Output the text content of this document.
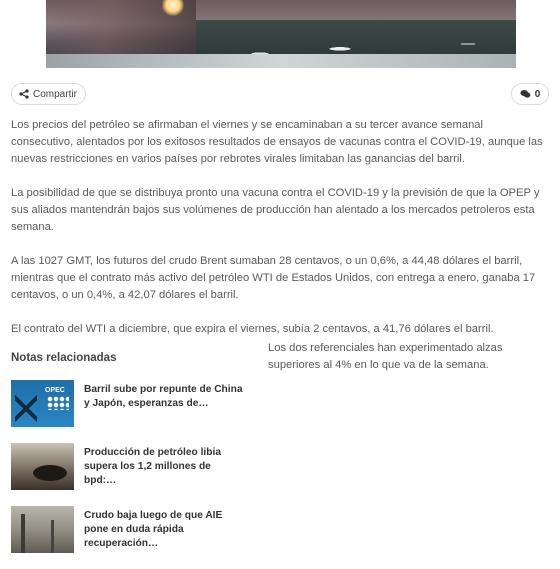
Compartir	0

Los precios del petróleo se afirmaban el viernes y se encaminaban a su tercer avance semanal consecutivo, alentados por los exitosos resultados de ensayos de vacunas contra el COVID-19, aunque las nuevas restricciones en varios países por rebrotes virales limitaban las ganancias del barril.

La posibilidad de que se distribuya pronto una vacuna contra el COVID-19 y la previsión de que la OPEP y sus aliados mantendrán bajos sus volúmenes de producción han alentado a los mercados petroleros esta semana.

A las 1027 GMT, los futuros del crudo Brent sumaban 28 centavos, o un 0,6%, a 44,48 dólares el barril, mientras que el contrato más activo del petróleo WTI de Estados Unidos, con entrega a enero, ganaba 17 centavos, o un 0,4%, a 42,07 dólares el barril.

El contrato del WTI a diciembre, que expira el viernes, subía 2 centavos, a 41,76 dólares el barril.

Notas relacionadas
OPEC Barril sube por repunte de China y Japón, esperanzas de…
Producción de petróleo libia supera los 1,2 millones de bpd:…
Crudo baja luego de que AIE pone en duda rápida recuperación…
Los dos referenciales han experimentado alzas superiores al 4% en lo que va de la semana.
